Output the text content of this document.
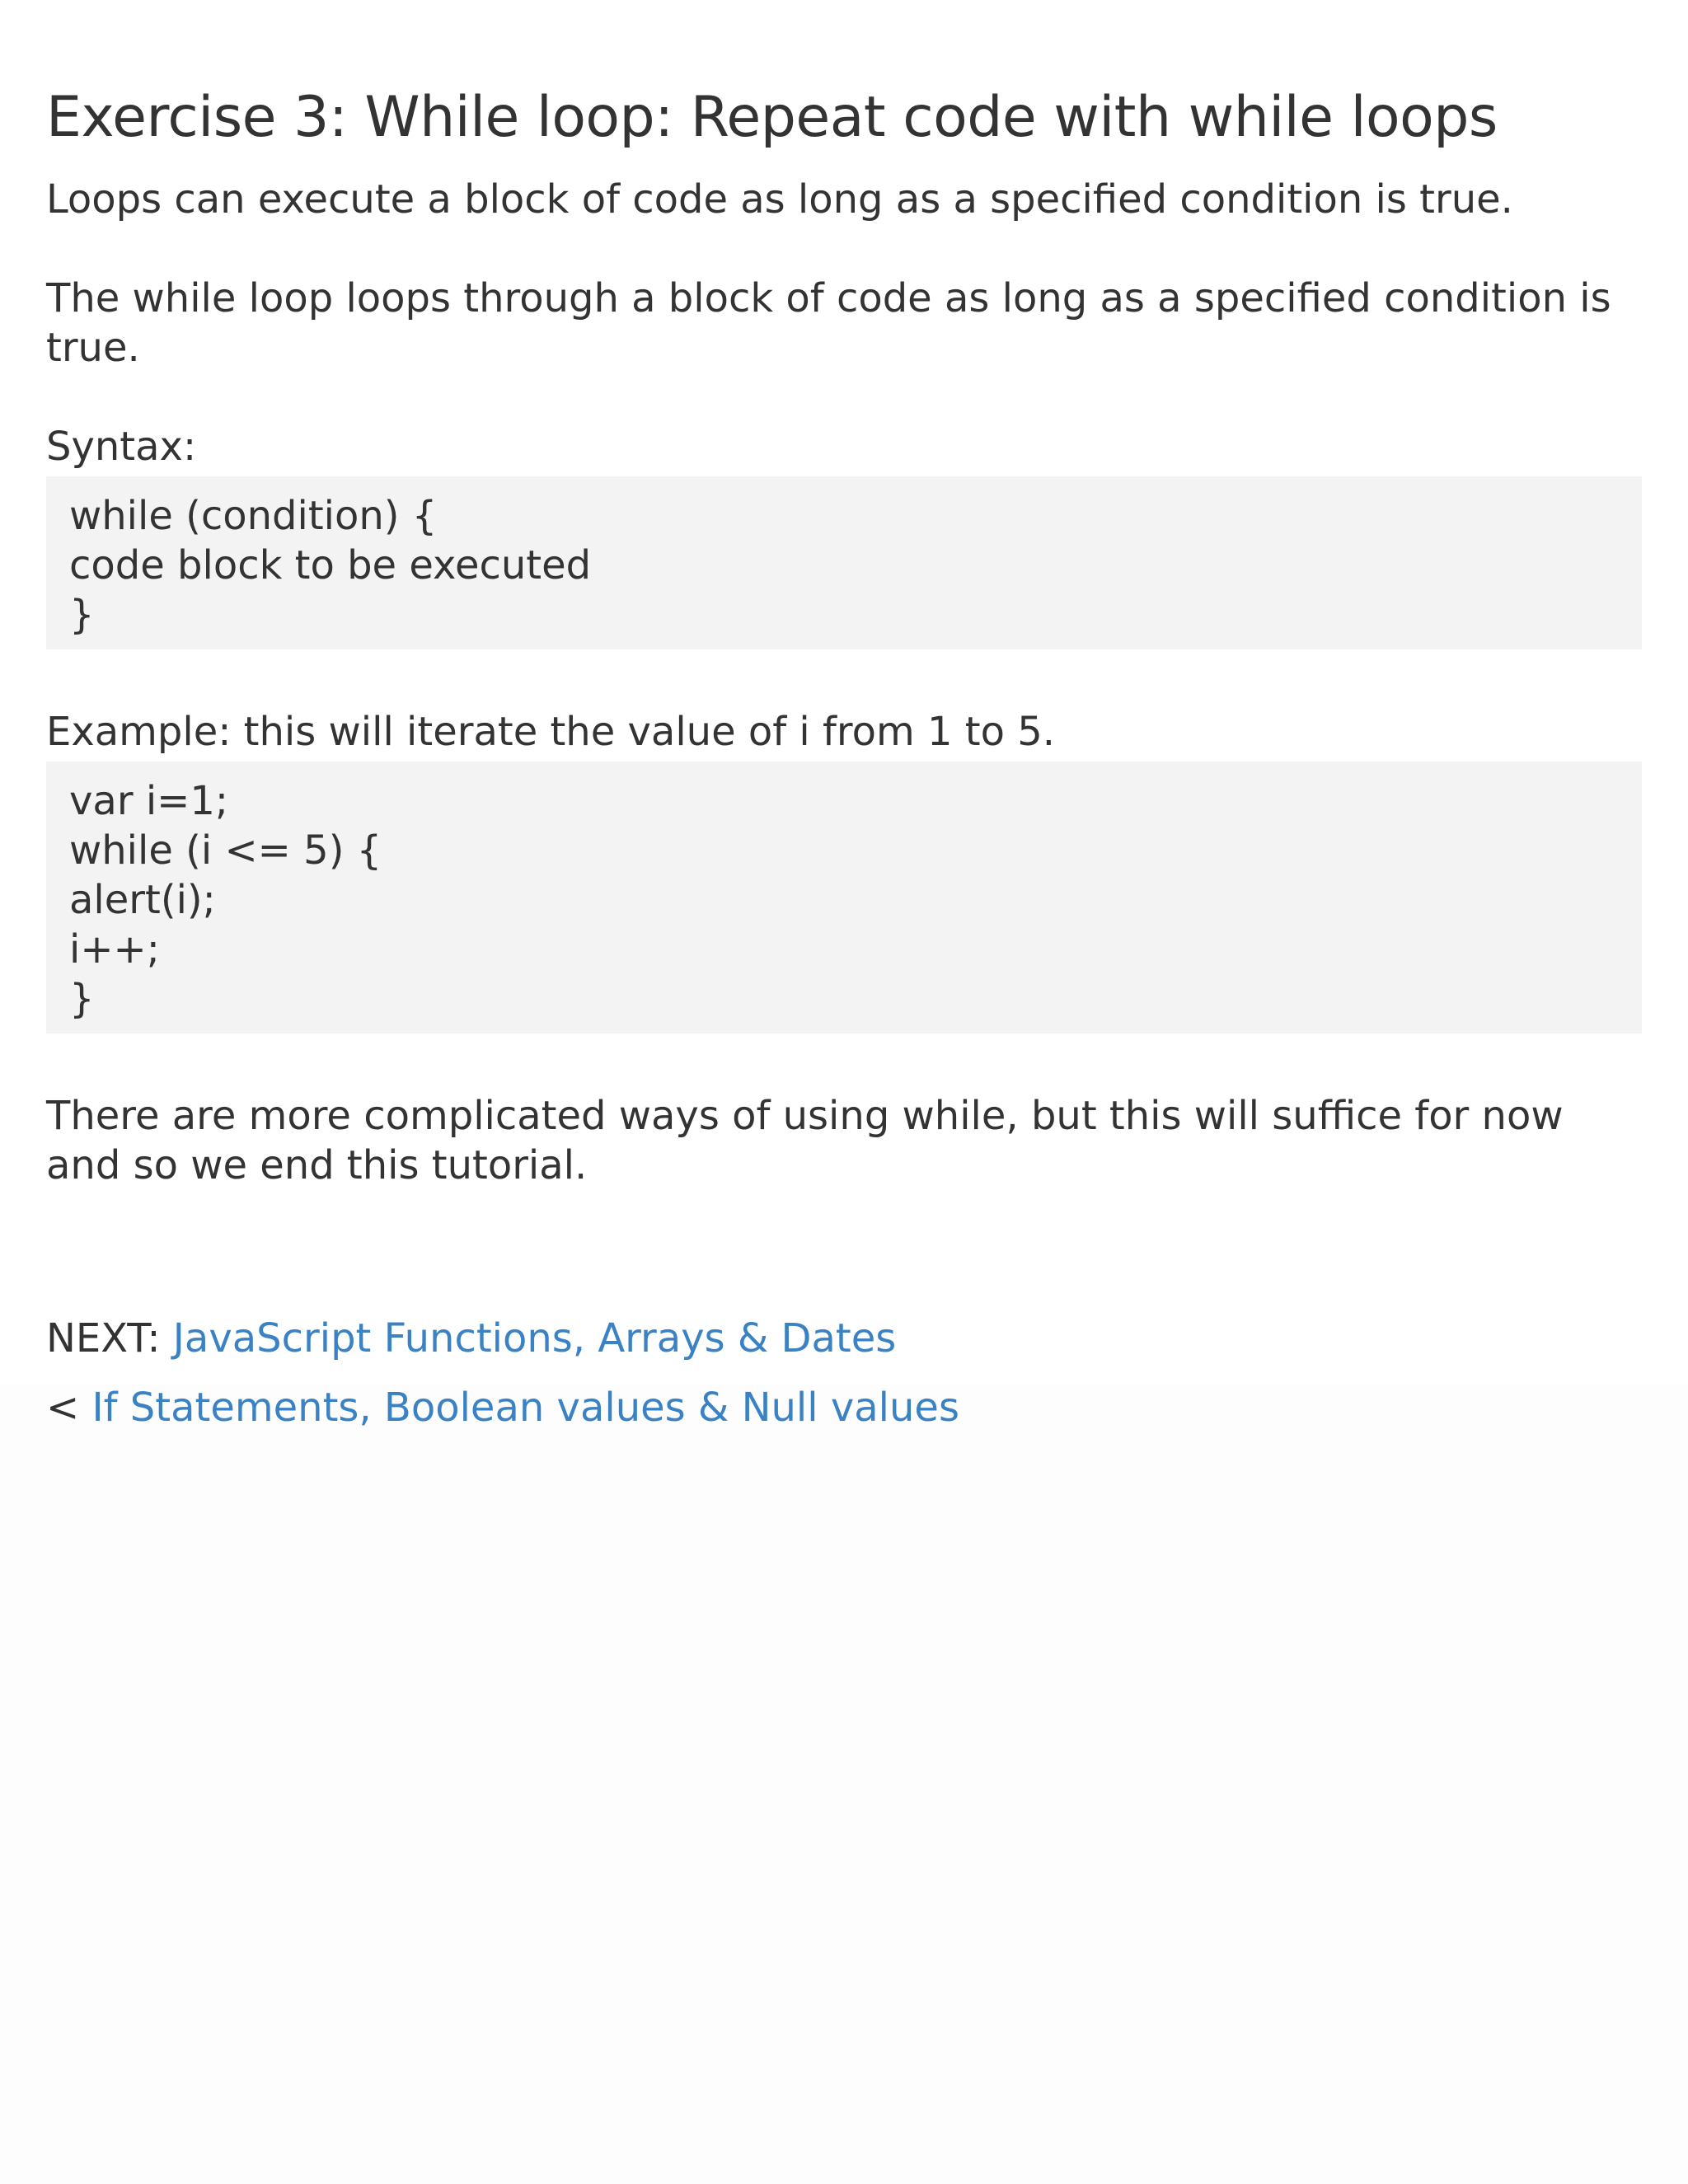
Exercise 3: While loop: Repeat code with while loops

Loops can execute a block of code as long as a specified condition is true.

The while loop loops through a block of code as long as a specified condition is true.

Syntax:

while (condition) {
code block to be executed
}

Example: this will iterate the value of i from 1 to 5.

var i=1;
while (i <= 5) {
alert(i);
i++;
}

There are more complicated ways of using while, but this will suffice for now and so we end this tutorial.

NEXT: JavaScript Functions, Arrays & Dates

< If Statements, Boolean values & Null values
